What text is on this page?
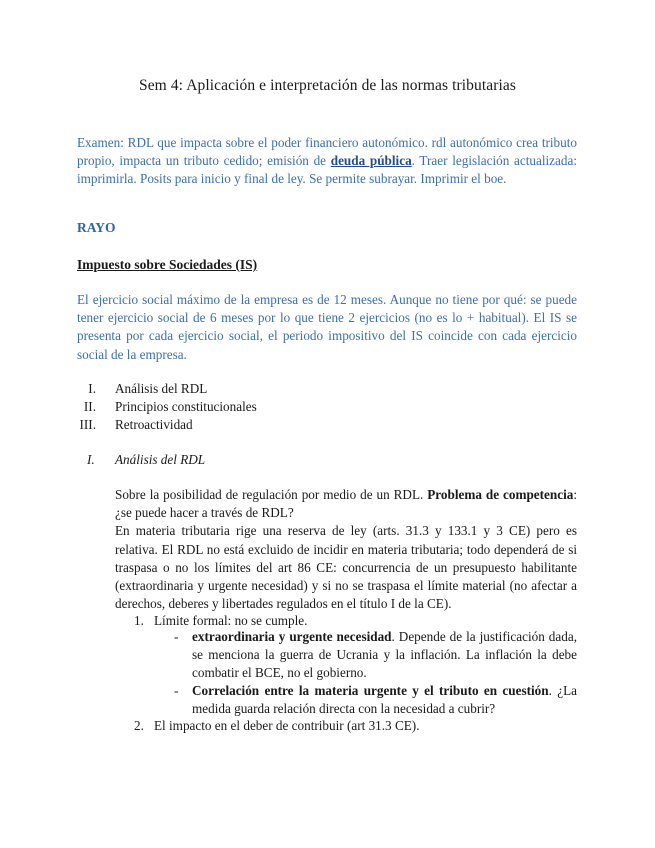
Sem 4: Aplicación e interpretación de las normas tributarias
Examen: RDL que impacta sobre el poder financiero autonómico. rdl autonómico crea tributo propio, impacta un tributo cedido; emisión de deuda pública. Traer legislación actualizada: imprimirla. Posits para inicio y final de ley. Se permite subrayar. Imprimir el boe.
RAYO
Impuesto sobre Sociedades (IS)
El ejercicio social máximo de la empresa es de 12 meses. Aunque no tiene por qué: se puede tener ejercicio social de 6 meses por lo que tiene 2 ejercicios (no es lo + habitual). El IS se presenta por cada ejercicio social, el periodo impositivo del IS coincide con cada ejercicio social de la empresa.
I.	Análisis del RDL
II.	Principios constitucionales
III.	Retroactividad
I. Análisis del RDL
Sobre la posibilidad de regulación por medio de un RDL. Problema de competencia: ¿se puede hacer a través de RDL?
En materia tributaria rige una reserva de ley (arts. 31.3 y 133.1 y 3 CE) pero es relativa. El RDL no está excluido de incidir en materia tributaria; todo dependerá de si traspasa o no los límites del art 86 CE: concurrencia de un presupuesto habilitante (extraordinaria y urgente necesidad) y si no se traspasa el límite material (no afectar a derechos, deberes y libertades regulados en el título I de la CE).
1. Límite formal: no se cumple.
- extraordinaria y urgente necesidad. Depende de la justificación dada, se menciona la guerra de Ucrania y la inflación. La inflación la debe combatir el BCE, no el gobierno.
- Correlación entre la materia urgente y el tributo en cuestión. ¿La medida guarda relación directa con la necesidad a cubrir?
2. El impacto en el deber de contribuir (art 31.3 CE).
